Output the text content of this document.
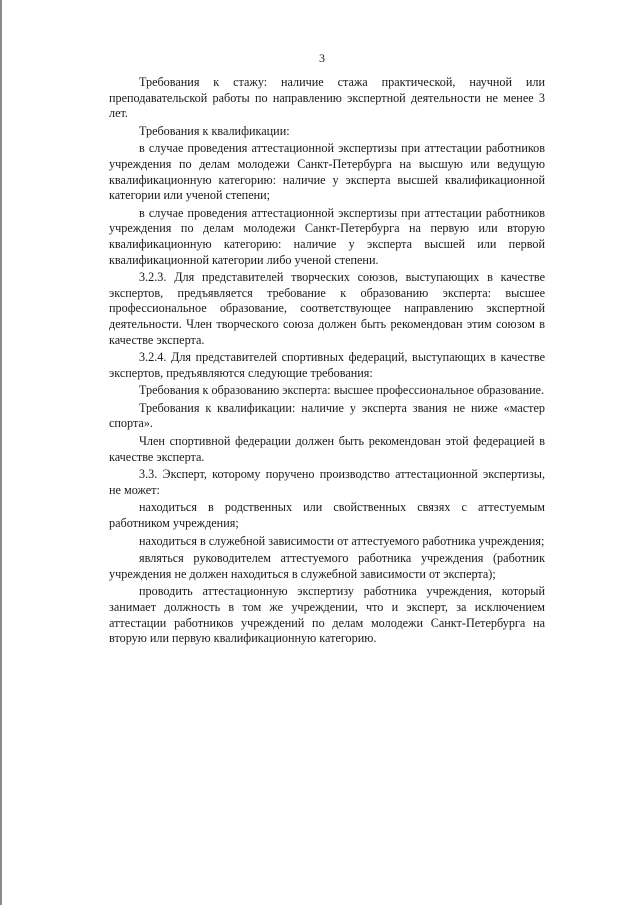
3

Требования к стажу: наличие стажа практической, научной или преподавательской работы по направлению экспертной деятельности не менее 3 лет.

Требования к квалификации:

в случае проведения аттестационной экспертизы при аттестации работников учреждения по делам молодежи Санкт-Петербурга на высшую или ведущую квалификационную категорию: наличие у эксперта высшей квалификационной категории или ученой степени;

в случае проведения аттестационной экспертизы при аттестации работников учреждения по делам молодежи Санкт-Петербурга на первую или вторую квалификационную категорию: наличие у эксперта высшей или первой квалификационной категории либо ученой степени.

3.2.3. Для представителей творческих союзов, выступающих в качестве экспертов, предъявляется требование к образованию эксперта: высшее профессиональное образование, соответствующее направлению экспертной деятельности. Член творческого союза должен быть рекомендован этим союзом в качестве эксперта.

3.2.4. Для представителей спортивных федераций, выступающих в качестве экспертов, предъявляются следующие требования:

Требования к образованию эксперта: высшее профессиональное образование.

Требования к квалификации: наличие у эксперта звания не ниже «мастер спорта».

Член спортивной федерации должен быть рекомендован этой федерацией в качестве эксперта.

3.3. Эксперт, которому поручено производство аттестационной экспертизы, не может:

находиться в родственных или свойственных связях с аттестуемым работником учреждения;

находиться в служебной зависимости от аттестуемого работника учреждения;

являться руководителем аттестуемого работника учреждения (работник учреждения не должен находиться в служебной зависимости от эксперта);

проводить аттестационную экспертизу работника учреждения, который занимает должность в том же учреждении, что и эксперт, за исключением аттестации работников учреждений по делам молодежи Санкт-Петербурга на вторую или первую квалификационную категорию.
